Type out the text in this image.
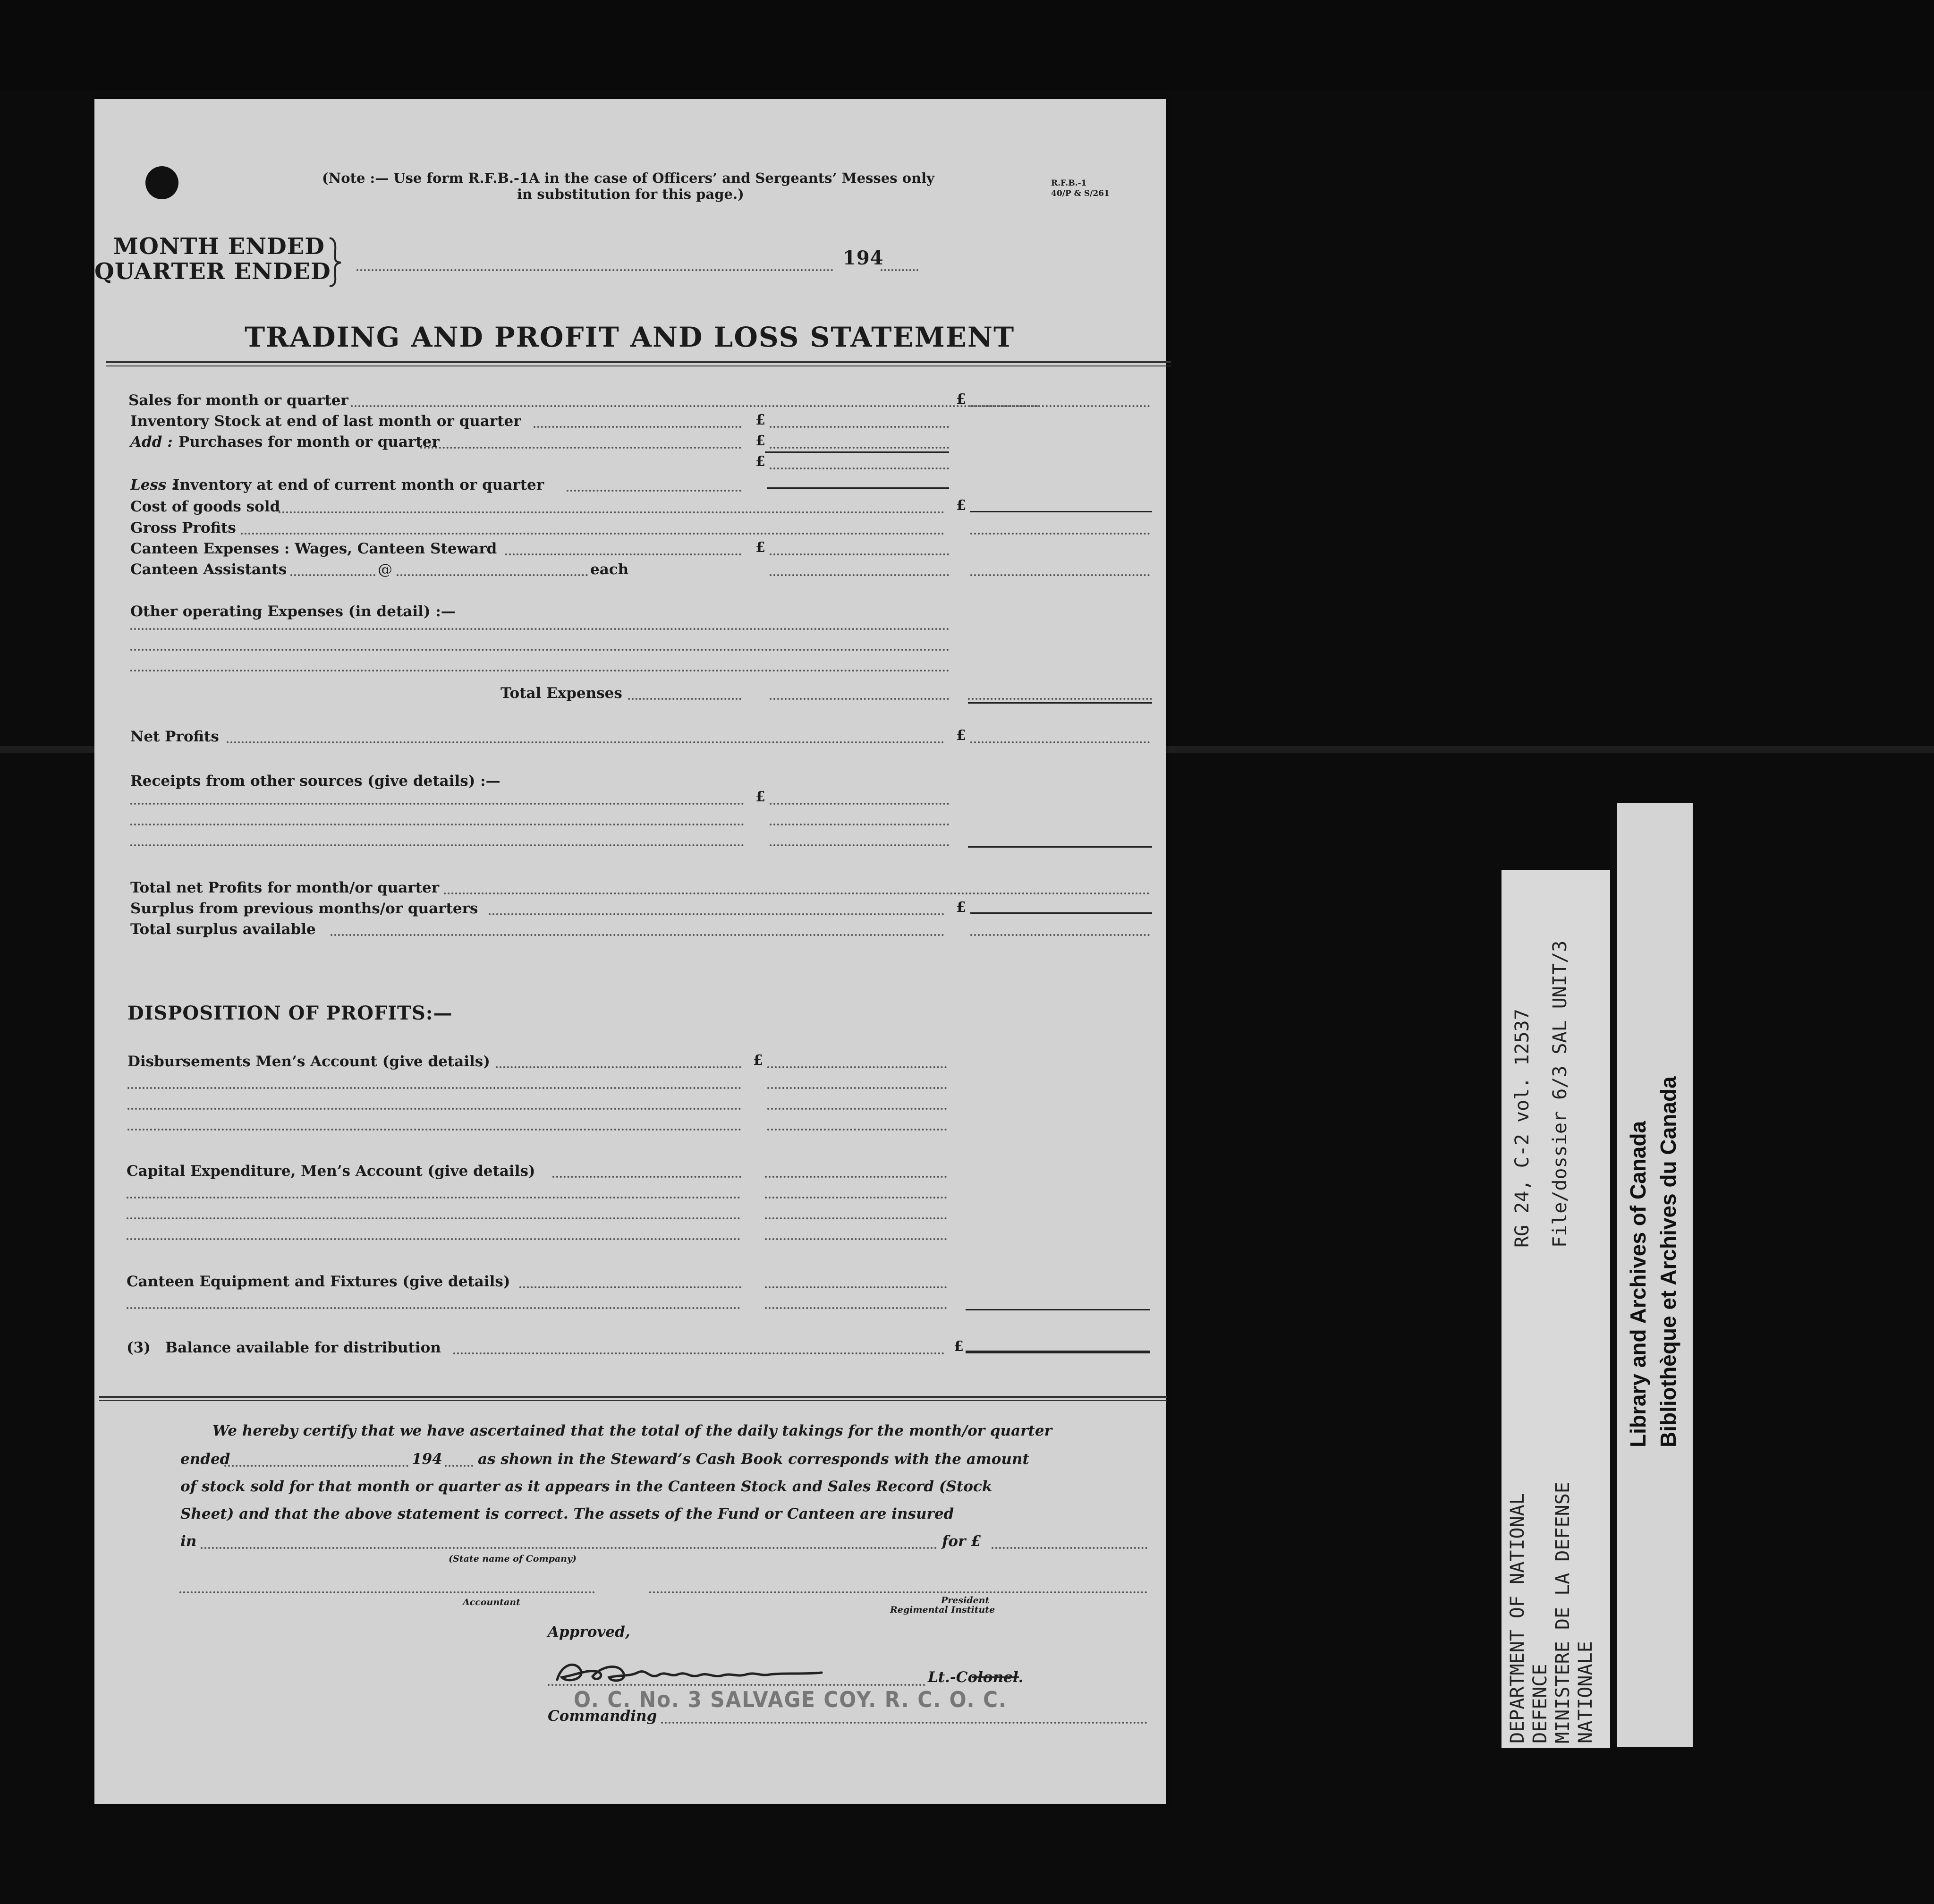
(Note :— Use form R.F.B.-1A in the case of Officers’ and Sergeants’ Messes only
in substitution for this page.)
R.F.B.-1
40/P & S/261
MONTH ENDED
QUARTER ENDED
194
TRADING AND PROFIT AND LOSS STATEMENT
Sales for month or quarter	£
Inventory Stock at end of last month or quarter	£
Add : Purchases for month or quarter	£
£
Less :
Inventory at end of current month or quarter
Cost of goods sold	£
Gross Profits
Canteen Expenses : Wages, Canteen Steward	£
Canteen Assistants	@	each
Other operating Expenses (in detail) :—
Total Expenses
Net Profits	£
Receipts from other sources (give details) :—
£
Total net Profits for month/or quarter
Surplus from previous months/or quarters	£
Total surplus available
DISPOSITION OF PROFITS:—
Disbursements Men’s Account (give details)	£
Capital Expenditure, Men’s Account (give details)
Canteen Equipment and Fixtures (give details)
(3) Balance available for distribution	£
We hereby certify that we have ascertained that the total of the daily takings for the month/or quarter
ended	194 as shown in the Steward’s Cash Book corresponds with the amount
of stock sold for that month or quarter as it appears in the Canteen Stock and Sales Record (Stock
Sheet) and that the above statement is correct. The assets of the Fund or Canteen are insured
in	for £
(State name of Company)
Accountant	President
Regimental Institute
Approved,
Lt.-Colonel.
O. C. No. 3 SALVAGE COY. R. C. O. C.
Commanding	DEPARTMENT OF NATIONAL DEFENCE MINISTERE DE LA DEFENSE NATIONALE
RG 24, C-2 vol. 12537 File/dossier 6/3 SAL UNIT/3
Library and Archives of Canada Bibliothèque et Archives du Canada
